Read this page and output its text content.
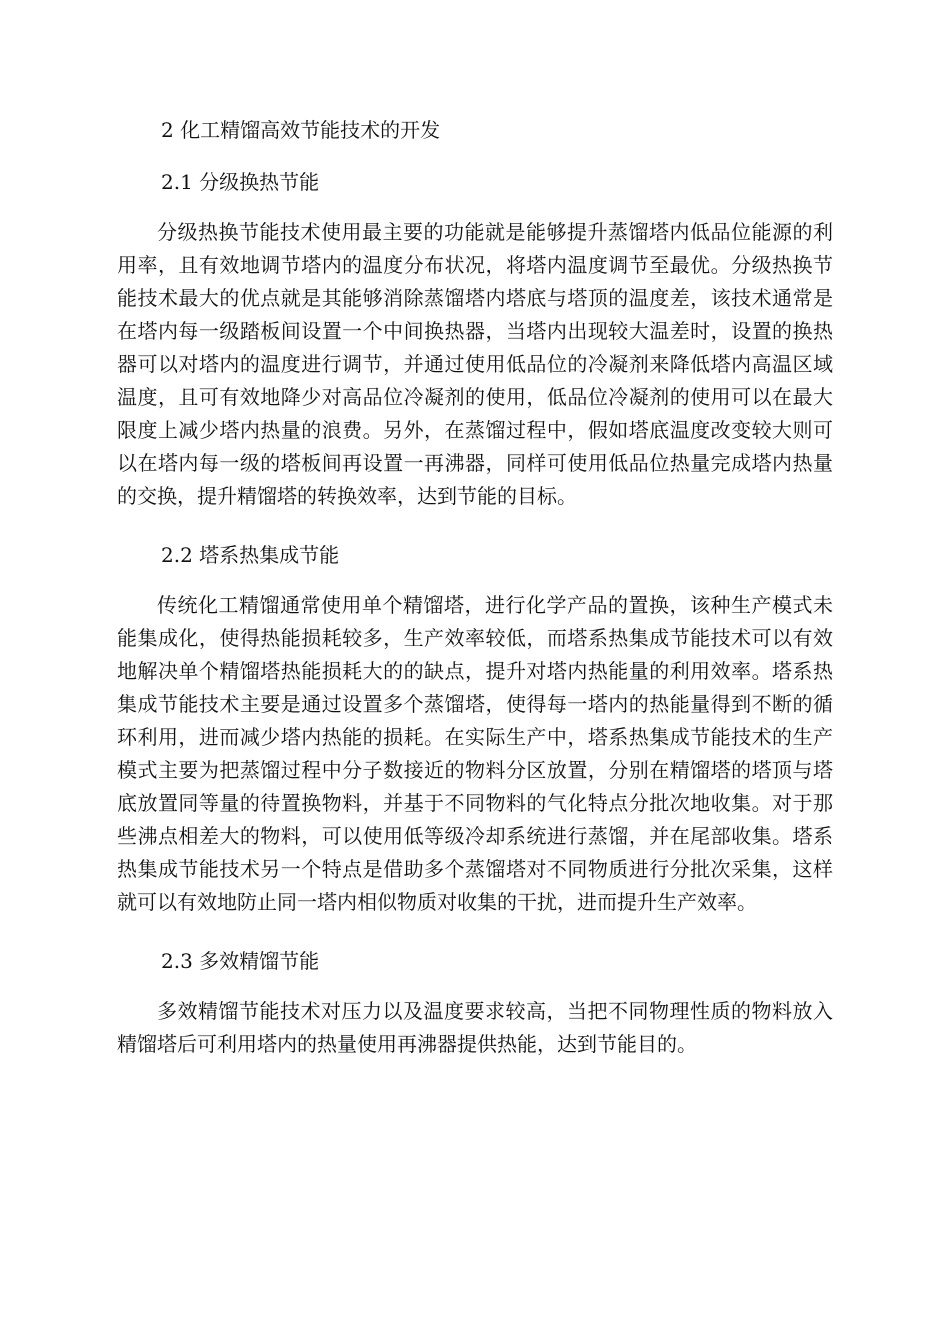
2 化工精馏高效节能技术的开发
2.1 分级换热节能

分级热换节能技术使用最主要的功能就是能够提升蒸馏塔内低品位能源的利用率，且有效地调节塔内的温度分布状况，将塔内温度调节至最优。分级热换节能技术最大的优点就是其能够消除蒸馏塔内塔底与塔顶的温度差，该技术通常是在塔内每一级踏板间设置一个中间换热器，当塔内出现较大温差时，设置的换热器可以对塔内的温度进行调节，并通过使用低品位的冷凝剂来降低塔内高温区域温度，且可有效地降少对高品位冷凝剂的使用，低品位冷凝剂的使用可以在最大限度上减少塔内热量的浪费。另外，在蒸馏过程中，假如塔底温度改变较大则可以在塔内每一级的塔板间再设置一再沸器，同样可使用低品位热量完成塔内热量的交换，提升精馏塔的转换效率，达到节能的目标。

2.2 塔系热集成节能

传统化工精馏通常使用单个精馏塔，进行化学产品的置换，该种生产模式未能集成化，使得热能损耗较多，生产效率较低，而塔系热集成节能技术可以有效地解决单个精馏塔热能损耗大的的缺点，提升对塔内热能量的利用效率。塔系热集成节能技术主要是通过设置多个蒸馏塔，使得每一塔内的热能量得到不断的循环利用，进而减少塔内热能的损耗。在实际生产中，塔系热集成节能技术的生产模式主要为把蒸馏过程中分子数接近的物料分区放置，分别在精馏塔的塔顶与塔底放置同等量的待置换物料，并基于不同物料的气化特点分批次地收集。对于那些沸点相差大的物料，可以使用低等级冷却系统进行蒸馏，并在尾部收集。塔系热集成节能技术另一个特点是借助多个蒸馏塔对不同物质进行分批次采集，这样就可以有效地防止同一塔内相似物质对收集的干扰，进而提升生产效率。

2.3 多效精馏节能

多效精馏节能技术对压力以及温度要求较高，当把不同物理性质的物料放入精馏塔后可利用塔内的热量使用再沸器提供热能，达到节能目的。
